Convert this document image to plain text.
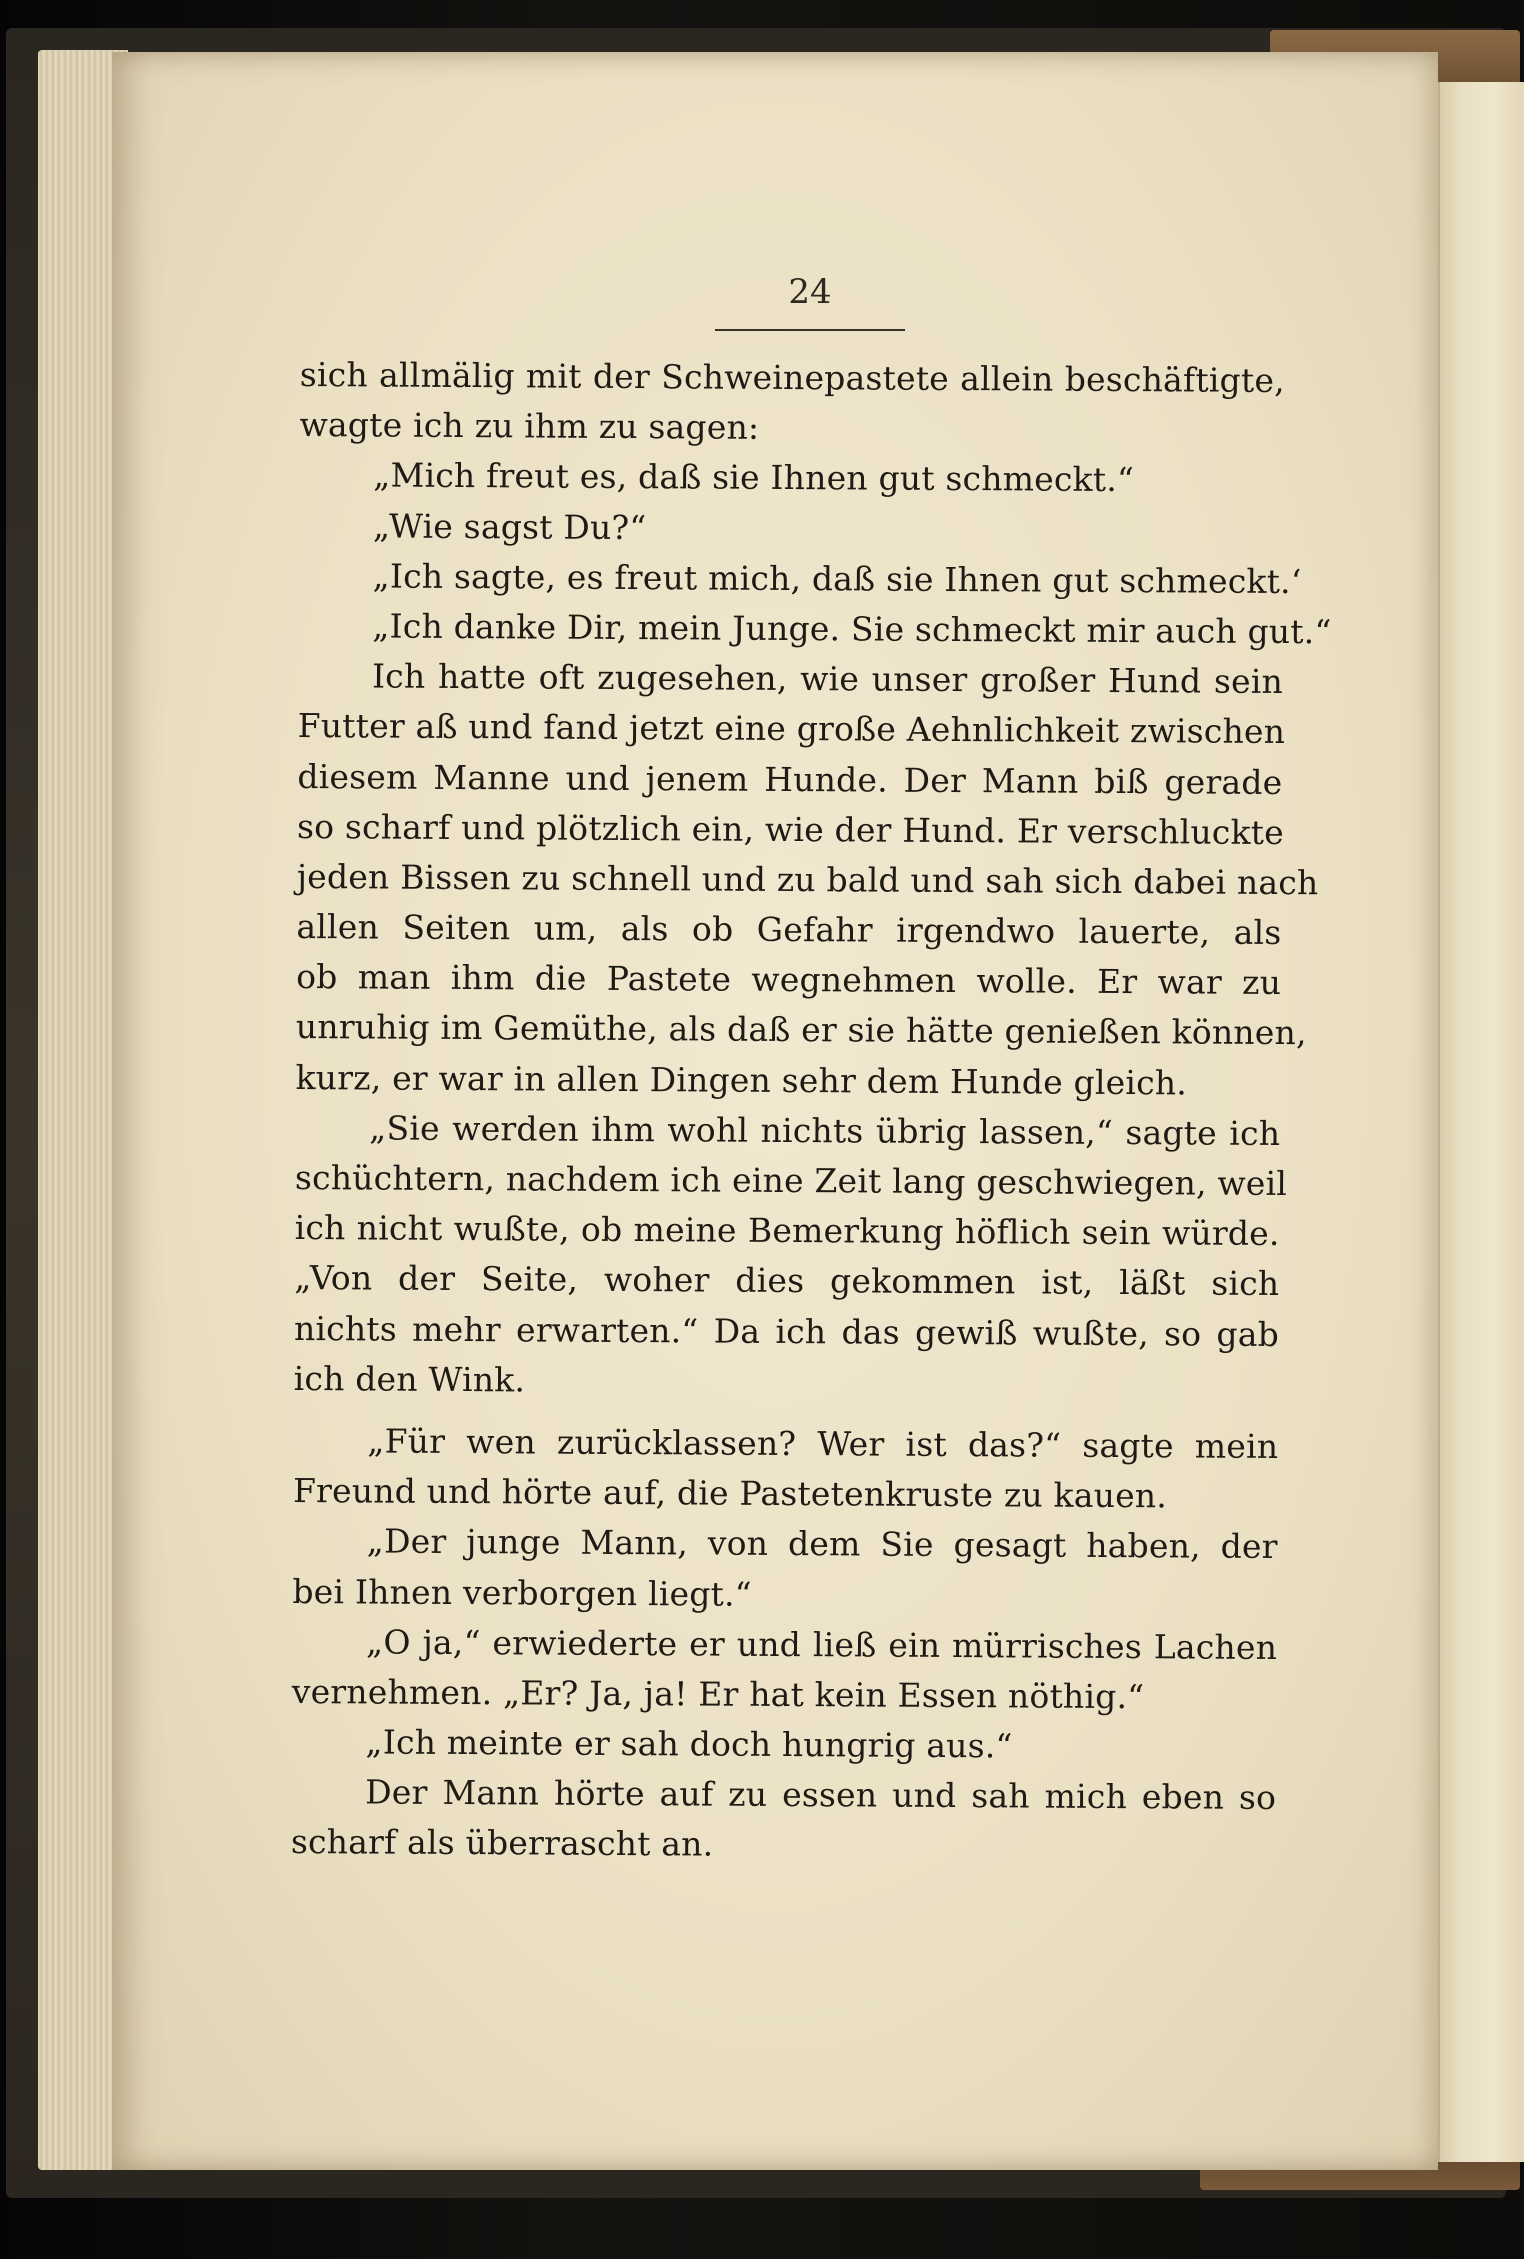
24
sich allmälig mit der Schweinepastete allein beschäftigte,
wagte ich zu ihm zu sagen:
„Mich freut es, daß sie Ihnen gut schmeckt.“
„Wie sagst Du?“
„Ich sagte, es freut mich, daß sie Ihnen gut schmeckt.‘
„Ich danke Dir, mein Junge. Sie schmeckt mir auch gut.“
Ich hatte oft zugesehen, wie unser großer Hund sein
Futter aß und fand jetzt eine große Aehnlichkeit zwischen
diesem Manne und jenem Hunde. Der Mann biß gerade
so scharf und plötzlich ein, wie der Hund. Er verschluckte
jeden Bissen zu schnell und zu bald und sah sich dabei nach
allen Seiten um, als ob Gefahr irgendwo lauerte, als
ob man ihm die Pastete wegnehmen wolle. Er war zu
unruhig im Gemüthe, als daß er sie hätte genießen können,
kurz, er war in allen Dingen sehr dem Hunde gleich.
„Sie werden ihm wohl nichts übrig lassen,“ sagte ich
schüchtern, nachdem ich eine Zeit lang geschwiegen, weil
ich nicht wußte, ob meine Bemerkung höflich sein würde.
„Von der Seite, woher dies gekommen ist, läßt sich
nichts mehr erwarten.“ Da ich das gewiß wußte, so gab
ich den Wink.
„Für wen zurücklassen? Wer ist das?“ sagte mein
Freund und hörte auf, die Pastetenkruste zu kauen.
„Der junge Mann, von dem Sie gesagt haben, der
bei Ihnen verborgen liegt.“
„O ja,“ erwiederte er und ließ ein mürrisches Lachen
vernehmen. „Er? Ja, ja! Er hat kein Essen nöthig.“
„Ich meinte er sah doch hungrig aus.“
Der Mann hörte auf zu essen und sah mich eben so
scharf als überrascht an.
